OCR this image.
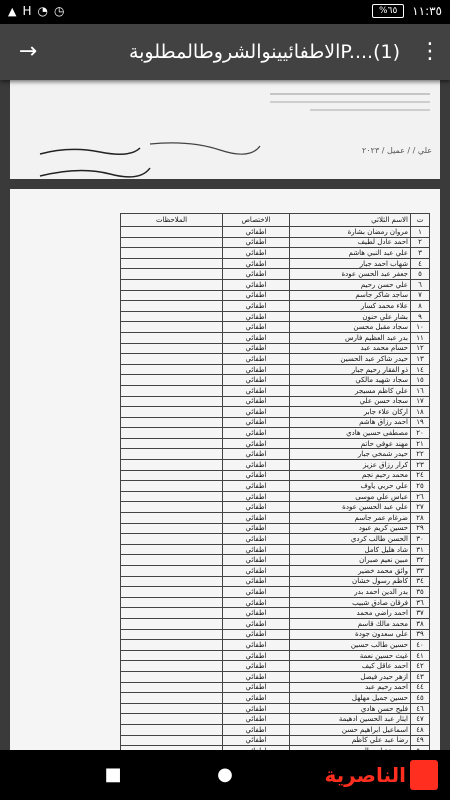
▲ H ◔ ◷	%٦٥	١١:٣٥
→	P....(1)الاطفائيينوالشروطالمطلوبة ⋮
علي / / عميل / ٢٠٢٣
ت	الاسم الثلاثي	الاختصاص	الملاحظات
١	مروان رمضان بشارة	اطفائي	
٢	احمد عادل لطيف	اطفائي	
٣	علي عبد النبي هاشم	اطفائي	
٤	شهاب احمد جبار	اطفائي	
٥	جعفر عبد الحسن عودة	اطفائي	
٦	علي حسن رحيم	اطفائي	
٧	ساجد شاكر جاسم	اطفائي	
٨	علاء محمد كسار	اطفائي	
٩	بشار علي حنون	اطفائي	
١٠	سجاد مقبل محسن	اطفائي	
١١	بدر عبد العظيم فارس	اطفائي	
١٢	حسام محمد عبد	اطفائي	
١٣	حيدر شاكر عبد الحسين	اطفائي	
١٤	ذو الفقار رحيم جبار	اطفائي	
١٥	سجاد شهيد مالكي	اطفائي	
١٦	علي كاظم مسيجر	اطفائي	
١٧	سجاد حسن علي	اطفائي	
١٨	اركان علاء جابر	اطفائي	
١٩	احمد رزاق هاشم	اطفائي	
٢٠	مصطفى حسين هادي	اطفائي	
٢١	مهند عوفي حاتم	اطفائي	
٢٢	حيدر شمخي جبار	اطفائي	
٢٣	كرار رزاق عزيز	اطفائي	
٢٤	محمد رحيم نجم	اطفائي	
٢٥	علي حربي ياوف	اطفائي	
٢٦	عباس علي موسى	اطفائي	
٢٧	علي عبد الحسين عودة	اطفائي	
٢٨	ضرغام عمر جاسم	اطفائي	
٢٩	حسين كريم عبود	اطفائي	
٣٠	الحسن طالب كردي	اطفائي	
٣١	شاد هليل كامل	اطفائي	
٣٢	مبين نعيم صبران	اطفائي	
٣٣	وائق محمد خضير	اطفائي	
٣٤	كاظم رسول خشان	اطفائي	
٣٥	بدر الدين احمد بدر	اطفائي	
٣٦	فرقان صادق شبيب	اطفائي	
٣٧	احمد راضي محمد	اطفائي	
٣٨	محمد مالك قاسم	اطفائي	
٣٩	علي سعدون جودة	اطفائي	
٤٠	حسين طالب حسين	اطفائي	
٤١	غيث حسين نعمة	اطفائي	
٤٢	احمد عاقل كيف	اطفائي	
٤٣	ازهر حيدر فيصل	اطفائي	
٤٤	احمد رحيم عبد	اطفائي	
٤٥	حسين جميل مهلهل	اطفائي	
٤٦	فليح حسن هادي	اطفائي	
٤٧	ايثار عبد الحسين ادهيمة	اطفائي	
٤٨	اسماعيل ابراهيم حسن	اطفائي	
٤٩	رضا عبد علي كاظم	اطفائي	

■	●	الناصرية
